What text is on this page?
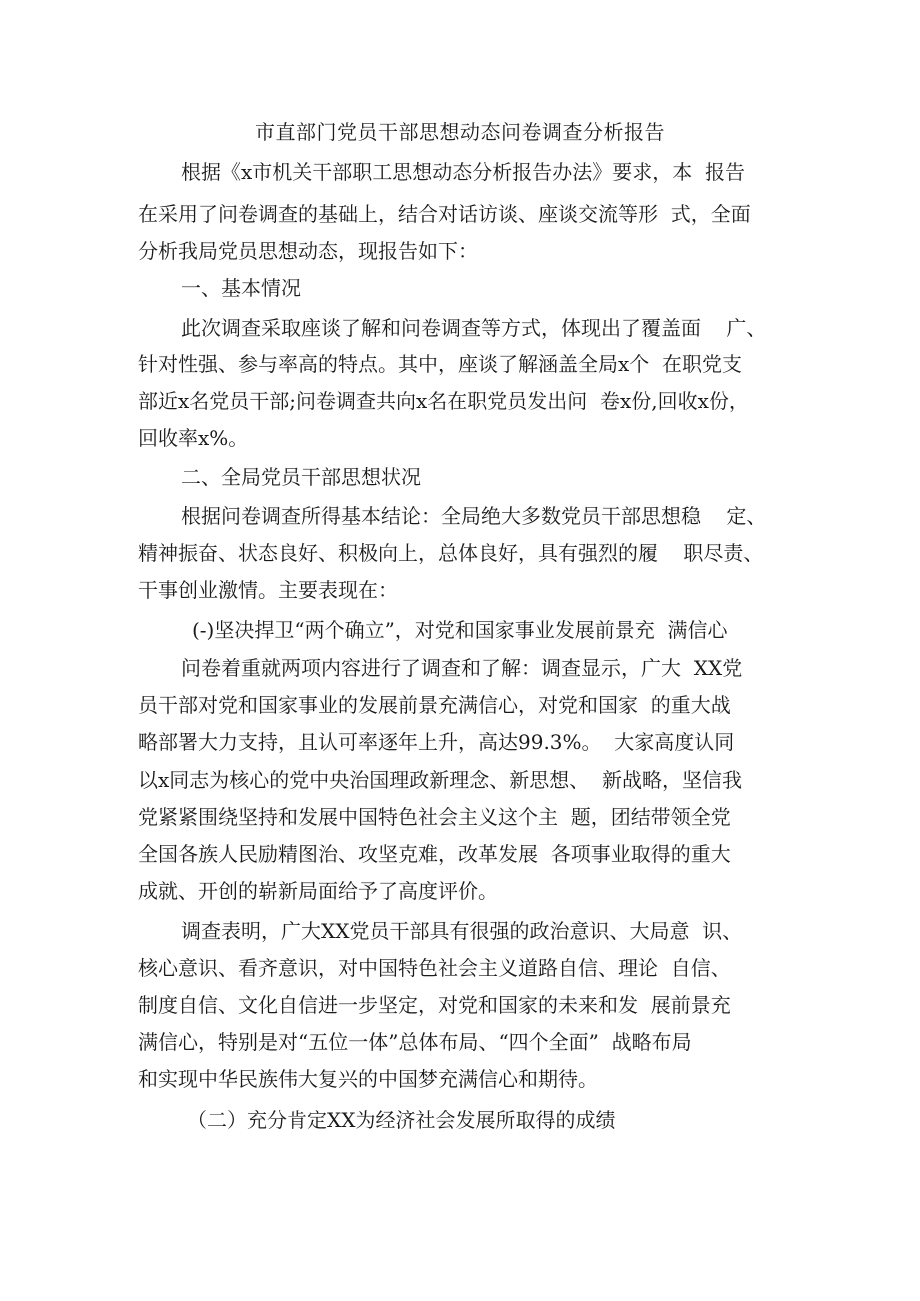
市直部门党员干部思想动态问卷调查分析报告
根据《x市机关干部职工思想动态分析报告办法》要求，本  报告
在采用了问卷调查的基础上，结合对话访谈、座谈交流等形  式，全面
分析我局党员思想动态，现报告如下：
一、基本情况
此次调查采取座谈了解和问卷调查等方式，体现出了覆盖面    广、
针对性强、参与率高的特点。其中，座谈了解涵盖全局x个  在职党支
部近x名党员干部;问卷调查共向x名在职党员发出问  卷x份,回收x份，
回收率x%。
二、全局党员干部思想状况
根据问卷调查所得基本结论：全局绝大多数党员干部思想稳    定、
精神振奋、状态良好、积极向上，总体良好，具有强烈的履    职尽责、
干事创业激情。主要表现在：
(-)坚决捍卫“两个确立”，对党和国家事业发展前景充  满信心
问卷着重就两项内容进行了调查和了解：调查显示，广大  XX党
员干部对党和国家事业的发展前景充满信心，对党和国家  的重大战
略部署大力支持，且认可率逐年上升，高达99.3%。  大家高度认同
以x同志为核心的党中央治国理政新理念、新思想、  新战略，坚信我
党紧紧围绕坚持和发展中国特色社会主义这个主  题，团结带领全党
全国各族人民励精图治、攻坚克难，改革发展  各项事业取得的重大
成就、开创的崭新局面给予了高度评价。
调查表明，广大XX党员干部具有很强的政治意识、大局意  识、
核心意识、看齐意识，对中国特色社会主义道路自信、理论  自信、
制度自信、文化自信进一步坚定，对党和国家的未来和发  展前景充
满信心，特别是对“五位一体”总体布局、“四个全面”  战略布局
和实现中华民族伟大复兴的中国梦充满信心和期待。
（二）充分肯定XX为经济社会发展所取得的成绩
